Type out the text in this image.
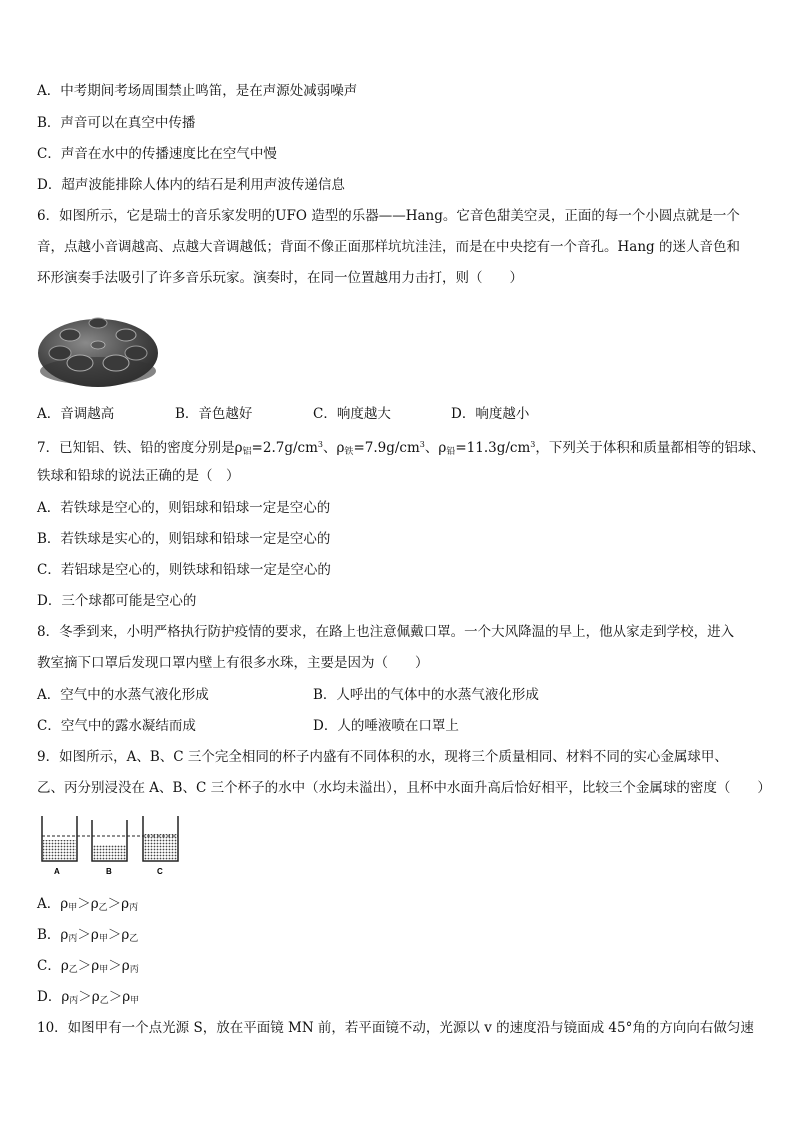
A．中考期间考场周围禁止鸣笛，是在声源处减弱噪声
B．声音可以在真空中传播
C．声音在水中的传播速度比在空气中慢
D．超声波能排除人体内的结石是利用声波传递信息
6．如图所示，它是瑞士的音乐家发明的UFO 造型的乐器——Hang。它音色甜美空灵，正面的每一个小圆点就是一个
音，点越小音调越高、点越大音调越低；背面不像正面那样坑坑洼洼，而是在中央挖有一个音孔。Hang 的迷人音色和
环形演奏手法吸引了许多音乐玩家。演奏时，在同一位置越用力击打，则（　　）
A．音调越高	B．音色越好	C．响度越大	D．响度越小
7．已知铝、铁、铅的密度分别是$\rho_铝=2.7g/cm^3$、$\rho_铁=7.9g/cm^3$、$\rho_铅=11.3g/cm^3$，下列关于体积和质量都相等的铝球、
铁球和铅球的说法正确的是（　）
A．若铁球是空心的，则铝球和铅球一定是空心的
B．若铁球是实心的，则铝球和铅球一定是空心的
C．若铝球是空心的，则铁球和铅球一定是空心的
D．三个球都可能是空心的
8．冬季到来，小明严格执行防护疫情的要求，在路上也注意佩戴口罩。一个大风降温的早上，他从家走到学校，进入
教室摘下口罩后发现口罩内壁上有很多水珠，主要是因为（　　）
A．空气中的水蒸气液化形成	B．人呼出的气体中的水蒸气液化形成
C．空气中的露水凝结而成	D．人的唾液喷在口罩上
9．如图所示，A、B、C 三个完全相同的杯子内盛有不同体积的水，现将三个质量相同、材料不同的实心金属球甲、
乙、丙分别浸没在 A、B、C 三个杯子的水中（水均未溢出），且杯中水面升高后恰好相平，比较三个金属球的密度（　　）
A	B	C
A．$\rho_甲>\rho_乙>\rho_丙$
B．$\rho_丙>\rho_甲>\rho_乙$
C．$\rho_乙>\rho_甲>\rho_丙$
D．$\rho_丙>\rho_乙>\rho_甲$
10．如图甲有一个点光源 S，放在平面镜 MN 前，若平面镜不动，光源以 v 的速度沿与镜面成 45°角的方向向右做匀速
